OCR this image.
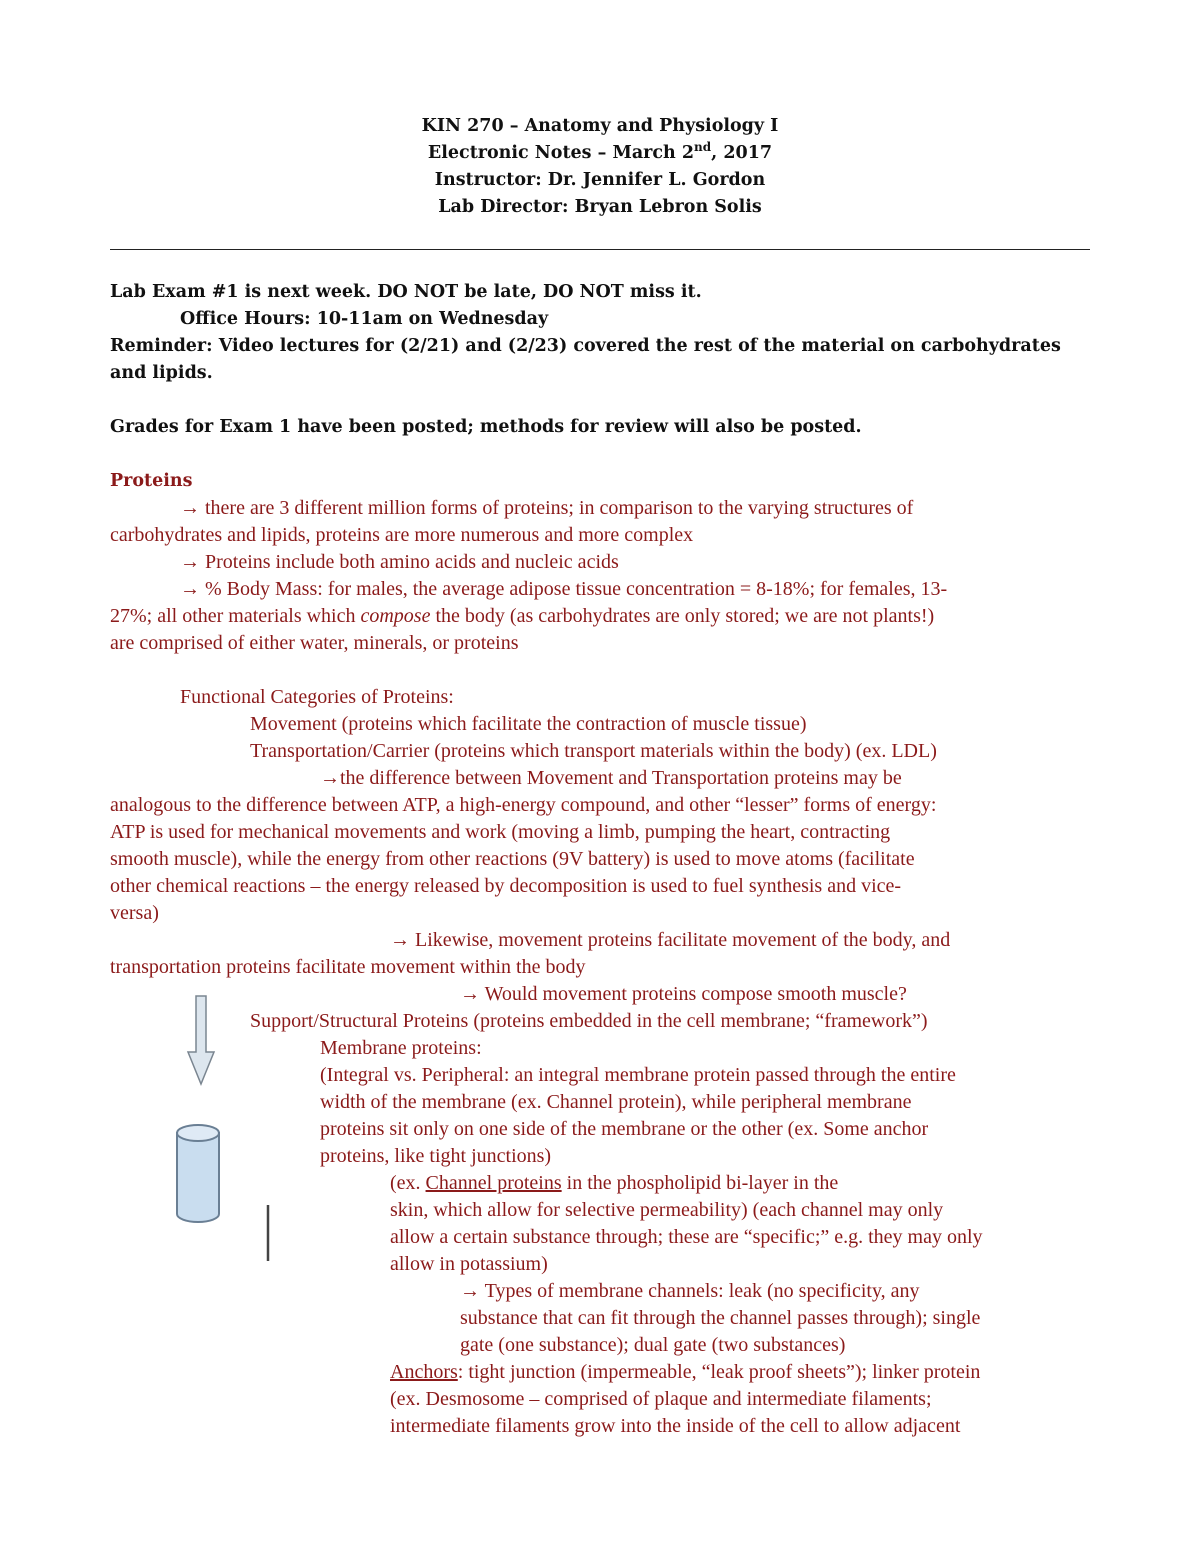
KIN 270 – Anatomy and Physiology I
Electronic Notes – March 2nd, 2017
Instructor: Dr. Jennifer L. Gordon
Lab Director: Bryan Lebron Solis
Lab Exam #1 is next week. DO NOT be late, DO NOT miss it.
Office Hours: 10-11am on Wednesday
Reminder: Video lectures for (2/21) and (2/23) covered the rest of the material on carbohydrates
and lipids.
Grades for Exam 1 have been posted; methods for review will also be posted.
Proteins
→ there are 3 different million forms of proteins; in comparison to the varying structures of
carbohydrates and lipids, proteins are more numerous and more complex
→ Proteins include both amino acids and nucleic acids
→ % Body Mass: for males, the average adipose tissue concentration = 8-18%; for females, 13-
27%; all other materials which compose the body (as carbohydrates are only stored; we are not plants!)
are comprised of either water, minerals, or proteins
Functional Categories of Proteins:
Movement (proteins which facilitate the contraction of muscle tissue)
Transportation/Carrier (proteins which transport materials within the body) (ex. LDL)
→the difference between Movement and Transportation proteins may be
analogous to the difference between ATP, a high-energy compound, and other “lesser” forms of energy:
ATP is used for mechanical movements and work (moving a limb, pumping the heart, contracting
smooth muscle), while the energy from other reactions (9V battery) is used to move atoms (facilitate
other chemical reactions – the energy released by decomposition is used to fuel synthesis and vice-
versa)
→ Likewise, movement proteins facilitate movement of the body, and
transportation proteins facilitate movement within the body
→ Would movement proteins compose smooth muscle?
Support/Structural Proteins (proteins embedded in the cell membrane; “framework”)
Membrane proteins:
(Integral vs. Peripheral: an integral membrane protein passed through the entire
width of the membrane (ex. Channel protein), while peripheral membrane
proteins sit only on one side of the membrane or the other (ex. Some anchor
proteins, like tight junctions)
(ex. Channel proteins in the phospholipid bi-layer in the
skin, which allow for selective permeability) (each channel may only
allow a certain substance through; these are “specific;” e.g. they may only
allow in potassium)
→ Types of membrane channels: leak (no specificity, any
substance that can fit through the channel passes through); single
gate (one substance); dual gate (two substances)
Anchors: tight junction (impermeable, “leak proof sheets”); linker protein
(ex. Desmosome – comprised of plaque and intermediate filaments;
intermediate filaments grow into the inside of the cell to allow adjacent
